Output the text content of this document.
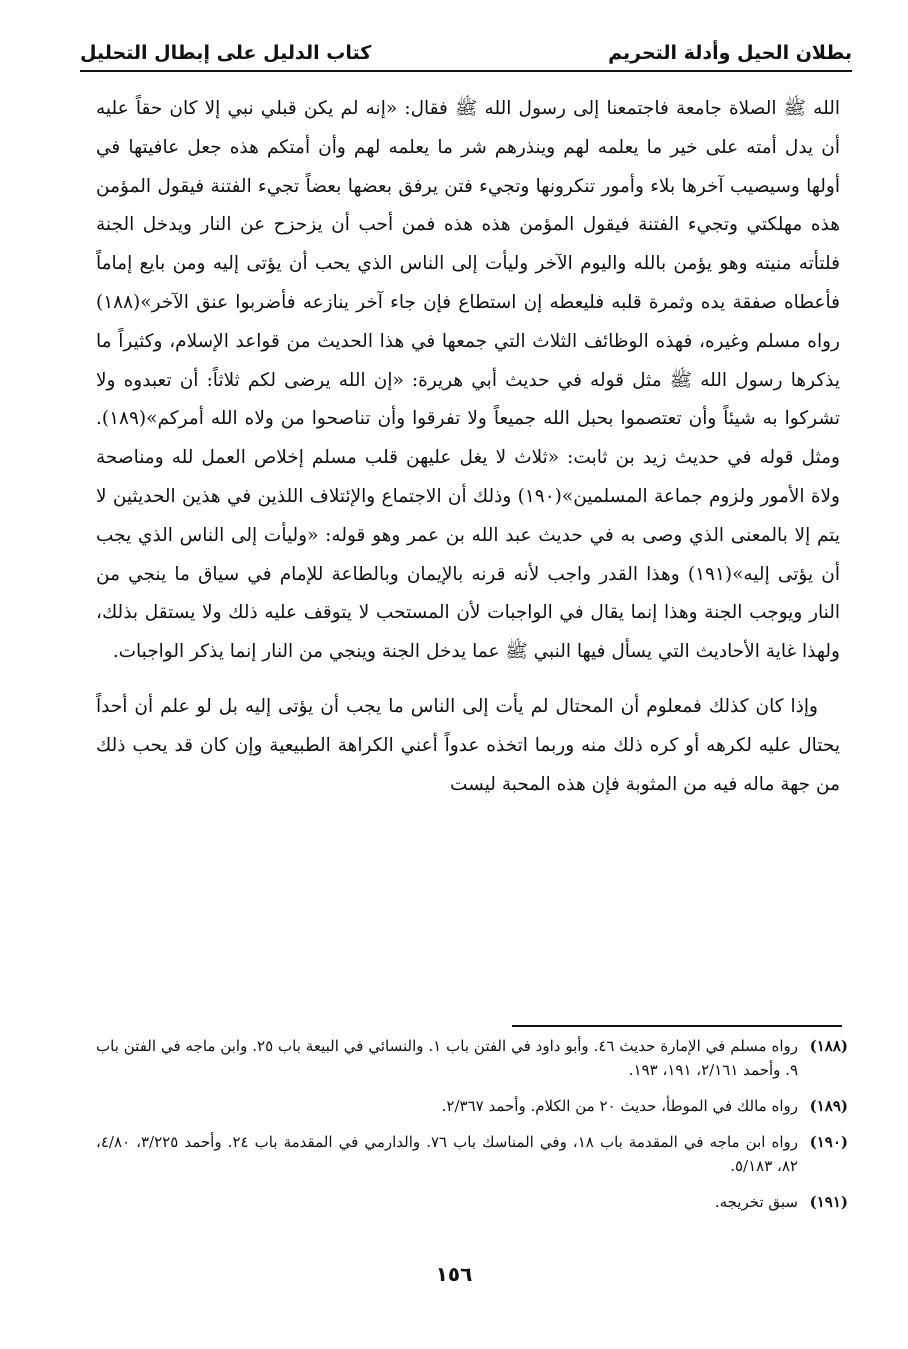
بطلان الحيل وأدلة التحريم
كتاب الدليل على إبطال التحليل

الله ﷺ الصلاة جامعة فاجتمعنا إلى رسول الله ﷺ فقال: «إنه لم يكن قبلي نبي إلا كان حقاً عليه أن يدل أمته على خير ما يعلمه لهم وينذرهم شر ما يعلمه لهم وأن أمتكم هذه جعل عافيتها في أولها وسيصيب آخرها بلاء وأمور تنكرونها وتجيء فتن يرفق بعضها بعضاً تجيء الفتنة فيقول المؤمن هذه مهلكتي وتجيء الفتنة فيقول المؤمن هذه هذه فمن أحب أن يزحزح عن النار ويدخل الجنة فلتأته منيته وهو يؤمن بالله واليوم الآخر وليأت إلى الناس الذي يحب أن يؤتى إليه ومن بايع إماماً فأعطاه صفقة يده وثمرة قلبه فليعطه إن استطاع فإن جاء آخر ينازعه فأضربوا عنق الآخر»(١٨٨) رواه مسلم وغيره، فهذه الوظائف الثلاث التي جمعها في هذا الحديث من قواعد الإسلام، وكثيراً ما يذكرها رسول الله ﷺ مثل قوله في حديث أبي هريرة: «إن الله يرضى لكم ثلاثاً: أن تعبدوه ولا تشركوا به شيئاً وأن تعتصموا بحبل الله جميعاً ولا تفرقوا وأن تناصحوا من ولاه الله أمركم»(١٨٩). ومثل قوله في حديث زيد بن ثابت: «ثلاث لا يغل عليهن قلب مسلم إخلاص العمل لله ومناصحة ولاة الأمور ولزوم جماعة المسلمين»(١٩٠) وذلك أن الاجتماع والإئتلاف اللذين في هذين الحديثين لا يتم إلا بالمعنى الذي وصى به في حديث عبد الله بن عمر وهو قوله: «وليأت إلى الناس الذي يجب أن يؤتى إليه»(١٩١) وهذا القدر واجب لأنه قرنه بالإيمان وبالطاعة للإمام في سياق ما ينجي من النار ويوجب الجنة وهذا إنما يقال في الواجبات لأن المستحب لا يتوقف عليه ذلك ولا يستقل بذلك، ولهذا غاية الأحاديث التي يسأل فيها النبي ﷺ عما يدخل الجنة وينجي من النار إنما يذكر الواجبات.

وإذا كان كذلك فمعلوم أن المحتال لم يأت إلى الناس ما يجب أن يؤتى إليه بل لو علم أن أحداً يحتال عليه لكرهه أو كره ذلك منه وربما اتخذه عدواً أعني الكراهة الطبيعية وإن كان قد يحب ذلك من جهة ماله فيه من المثوبة فإن هذه المحبة ليست

(١٨٨)رواه مسلم في الإمارة حديث ٤٦. وأبو داود في الفتن باب ١. والنسائي في البيعة باب ٢٥. وابن ماجه في الفتن باب ٩. وأحمد ٢/١٦١، ١٩١، ١٩٣.

(١٨٩)رواه مالك في الموطأ، حديث ٢٠ من الكلام. وأحمد ٢/٣٦٧.

(١٩٠)رواه ابن ماجه في المقدمة باب ١٨، وفي المناسك باب ٧٦. والدارمي في المقدمة باب ٢٤. وأحمد ٣/٢٢٥، ٤/٨٠، ٨٢، ٥/١٨٣.

(١٩١)سبق تخريجه.

١٥٦
